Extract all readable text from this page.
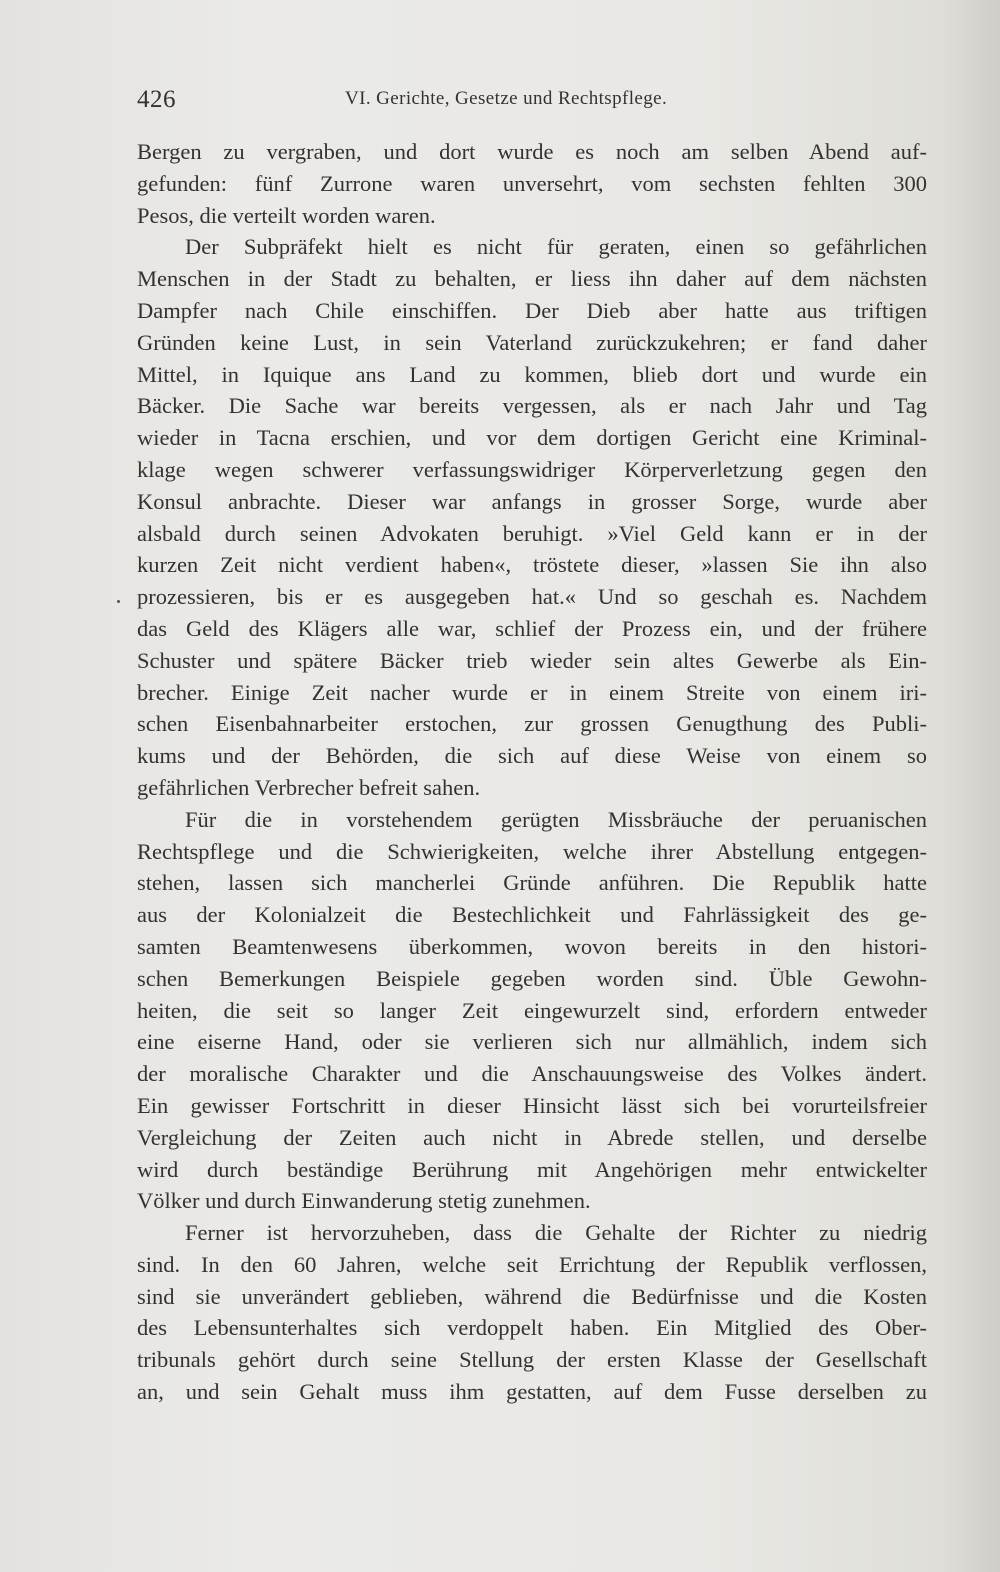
426	VI. Gerichte, Gesetze und Rechtspflege.
Bergen zu vergraben, und dort wurde es noch am selben Abend auf-
gefunden: fünf Zurrone waren unversehrt, vom sechsten fehlten 300
Pesos, die verteilt worden waren.
Der Subpräfekt hielt es nicht für geraten, einen so gefährlichen
Menschen in der Stadt zu behalten, er liess ihn daher auf dem nächsten
Dampfer nach Chile einschiffen. Der Dieb aber hatte aus triftigen
Gründen keine Lust, in sein Vaterland zurückzukehren; er fand daher
Mittel, in Iquique ans Land zu kommen, blieb dort und wurde ein
Bäcker. Die Sache war bereits vergessen, als er nach Jahr und Tag
wieder in Tacna erschien, und vor dem dortigen Gericht eine Kriminal-
klage wegen schwerer verfassungswidriger Körperverletzung gegen den
Konsul anbrachte. Dieser war anfangs in grosser Sorge, wurde aber
alsbald durch seinen Advokaten beruhigt. »Viel Geld kann er in der
kurzen Zeit nicht verdient haben«, tröstete dieser, »lassen Sie ihn also
prozessieren, bis er es ausgegeben hat.« Und so geschah es. Nachdem
das Geld des Klägers alle war, schlief der Prozess ein, und der frühere
Schuster und spätere Bäcker trieb wieder sein altes Gewerbe als Ein-
brecher. Einige Zeit nacher wurde er in einem Streite von einem iri-
schen Eisenbahnarbeiter erstochen, zur grossen Genugthung des Publi-
kums und der Behörden, die sich auf diese Weise von einem so
gefährlichen Verbrecher befreit sahen.
Für die in vorstehendem gerügten Missbräuche der peruanischen
Rechtspflege und die Schwierigkeiten, welche ihrer Abstellung entgegen-
stehen, lassen sich mancherlei Gründe anführen. Die Republik hatte
aus der Kolonialzeit die Bestechlichkeit und Fahrlässigkeit des ge-
samten Beamtenwesens überkommen, wovon bereits in den histori-
schen Bemerkungen Beispiele gegeben worden sind. Üble Gewohn-
heiten, die seit so langer Zeit eingewurzelt sind, erfordern entweder
eine eiserne Hand, oder sie verlieren sich nur allmählich, indem sich
der moralische Charakter und die Anschauungsweise des Volkes ändert.
Ein gewisser Fortschritt in dieser Hinsicht lässt sich bei vorurteilsfreier
Vergleichung der Zeiten auch nicht in Abrede stellen, und derselbe
wird durch beständige Berührung mit Angehörigen mehr entwickelter
Völker und durch Einwanderung stetig zunehmen.
Ferner ist hervorzuheben, dass die Gehalte der Richter zu niedrig
sind. In den 60 Jahren, welche seit Errichtung der Republik verflossen,
sind sie unverändert geblieben, während die Bedürfnisse und die Kosten
des Lebensunterhaltes sich verdoppelt haben. Ein Mitglied des Ober-
tribunals gehört durch seine Stellung der ersten Klasse der Gesellschaft
an, und sein Gehalt muss ihm gestatten, auf dem Fusse derselben zu
